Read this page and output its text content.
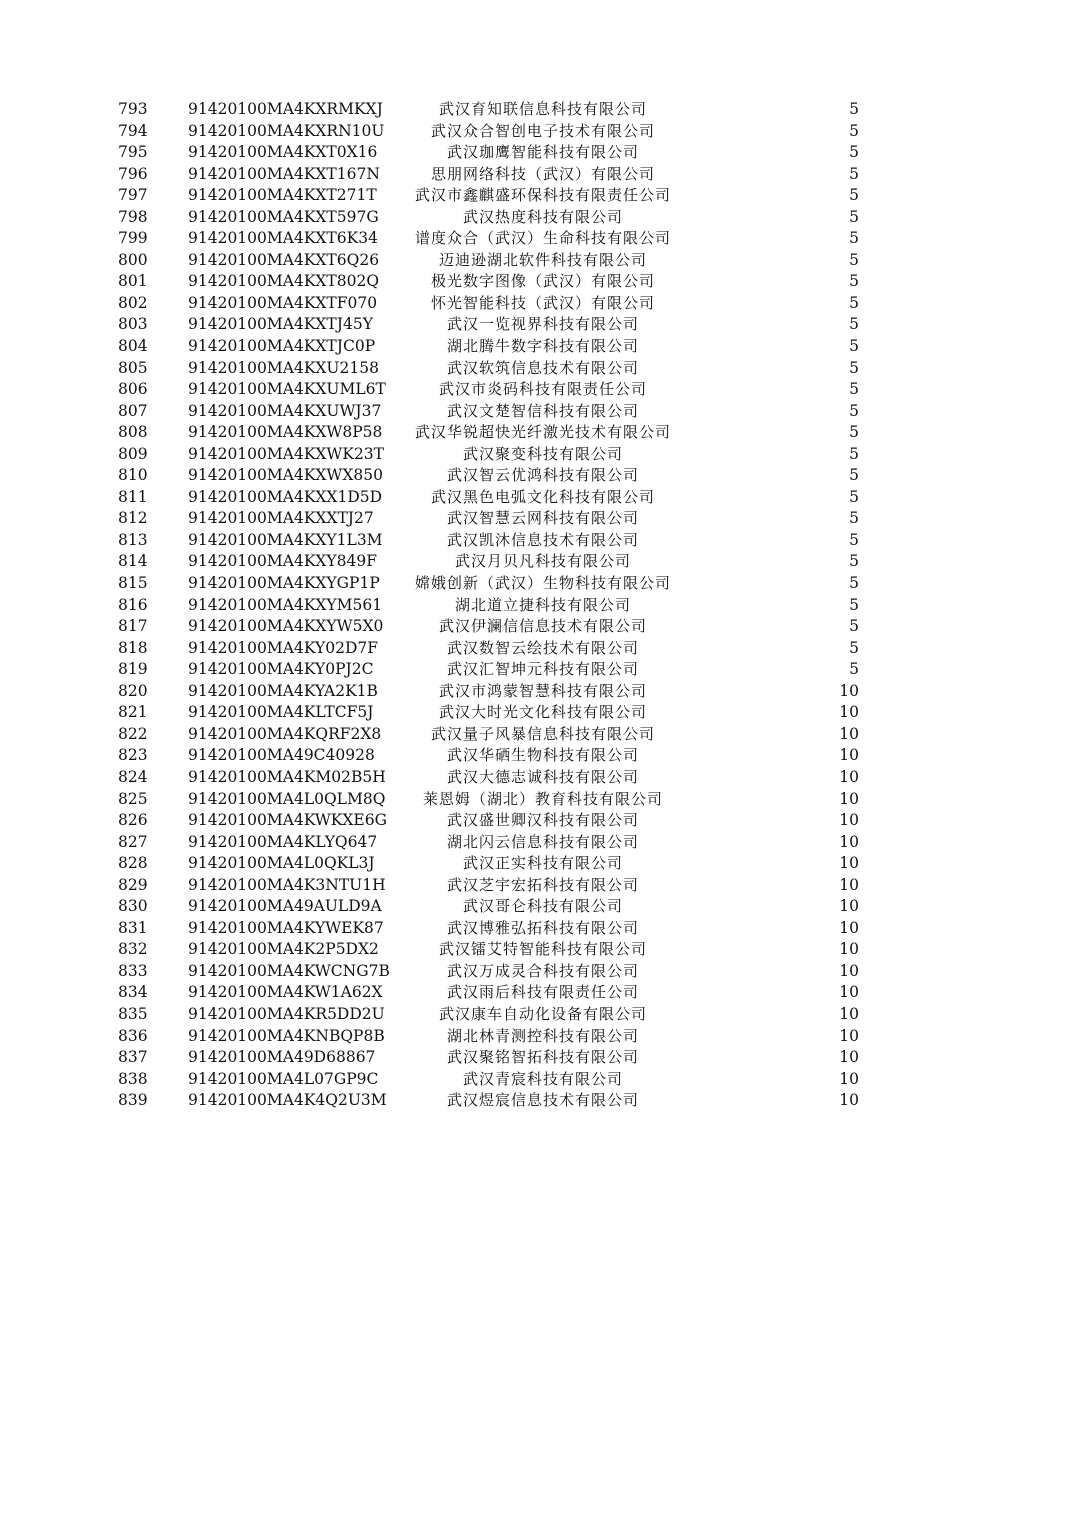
793	91420100MA4KXRMKXJ	武汉育知联信息科技有限公司	5
794	91420100MA4KXRN10U	武汉众合智创电子技术有限公司	5
795	91420100MA4KXT0X16	武汉珈鹰智能科技有限公司	5
796	91420100MA4KXT167N	思朋网络科技（武汉）有限公司	5
797	91420100MA4KXT271T	武汉市鑫麒盛环保科技有限责任公司	5
798	91420100MA4KXT597G	武汉热度科技有限公司	5
799	91420100MA4KXT6K34 谱度众合（武汉）生命科技有限公司	5
800	91420100MA4KXT6Q26	迈迪逊湖北软件科技有限公司	5
801	91420100MA4KXT802Q	极光数字图像（武汉）有限公司	5
802	91420100MA4KXTF070	怀光智能科技（武汉）有限公司	5
803	91420100MA4KXTJ45Y	武汉一览视界科技有限公司	5
804	91420100MA4KXTJC0P	湖北腾牛数字科技有限公司	5
805	91420100MA4KXU2158	武汉软筑信息技术有限公司	5
806	91420100MA4KXUML6T	武汉市炎码科技有限责任公司	5
807	91420100MA4KXUWJ37	武汉文楚智信科技有限公司	5
808	91420100MA4KXW8P58 武汉华锐超快光纤激光技术有限公司	5
809	91420100MA4KXWK23T	武汉聚变科技有限公司	5
810	91420100MA4KXWX850	武汉智云优鸿科技有限公司	5
811	91420100MA4KXX1D5D	武汉黑色电弧文化科技有限公司	5
812	91420100MA4KXXTJ27	武汉智慧云网科技有限公司	5
813	91420100MA4KXY1L3M	武汉凯沐信息技术有限公司	5
814	91420100MA4KXY849F	武汉月贝凡科技有限公司	5
815	91420100MA4KXYGP1P 嫦娥创新（武汉）生物科技有限公司	5
816	91420100MA4KXYM561	湖北道立捷科技有限公司	5
817	91420100MA4KXYW5X0	武汉伊澜信信息技术有限公司	5
818	91420100MA4KY02D7F	武汉数智云绘技术有限公司	5
819	91420100MA4KY0PJ2C	武汉汇智坤元科技有限公司	5
820	91420100MA4KYA2K1B	武汉市鸿蒙智慧科技有限公司	10
821	91420100MA4KLTCF5J	武汉大时光文化科技有限公司	10
822	91420100MA4KQRF2X8	武汉量子风暴信息科技有限公司	10
823	91420100MA49C40928	武汉华硒生物科技有限公司	10
824	91420100MA4KM02B5H	武汉大德志诚科技有限公司	10
825	91420100MA4L0QLM8Q	莱恩姆（湖北）教育科技有限公司	10
826	91420100MA4KWKXE6G	武汉盛世卿汉科技有限公司	10
827	91420100MA4KLYQ647	湖北闪云信息科技有限公司	10
828	91420100MA4L0QKL3J	武汉正实科技有限公司	10
829	91420100MA4K3NTU1H	武汉芝宇宏拓科技有限公司	10
830	91420100MA49AULD9A	武汉哥仑科技有限公司	10
831	91420100MA4KYWEK87	武汉博雅弘拓科技有限公司	10
832	91420100MA4K2P5DX2	武汉镭艾特智能科技有限公司	10
833	91420100MA4KWCNG7B	武汉万成灵合科技有限公司	10
834	91420100MA4KW1A62X	武汉雨后科技有限责任公司	10
835	91420100MA4KR5DD2U	武汉康车自动化设备有限公司	10
836	91420100MA4KNBQP8B	湖北林青测控科技有限公司	10
837	91420100MA49D68867	武汉聚铭智拓科技有限公司	10
838	91420100MA4L07GP9C	武汉青宸科技有限公司	10
839	91420100MA4K4Q2U3M	武汉煜宸信息技术有限公司	10
